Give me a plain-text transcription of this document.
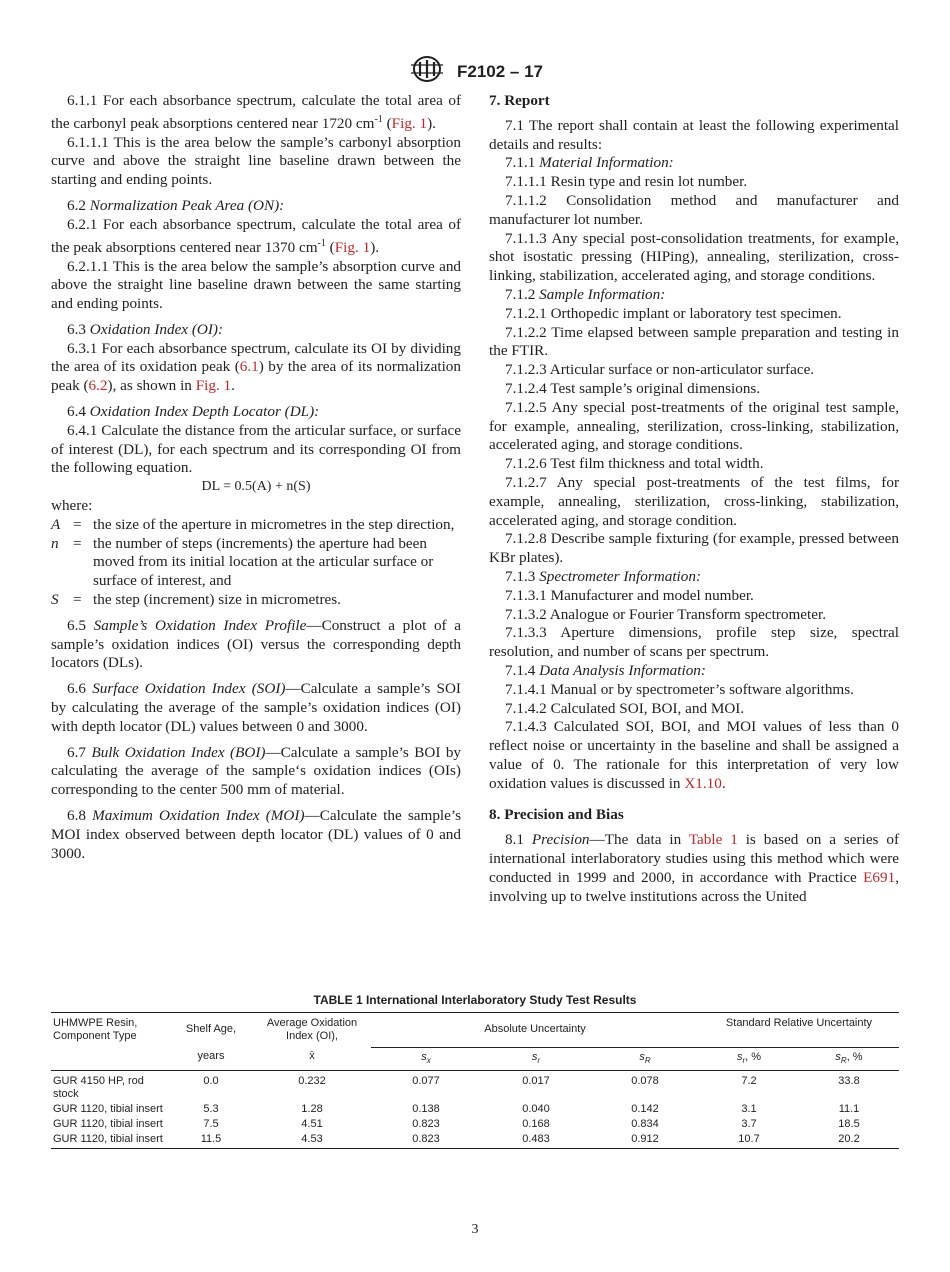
F2102 – 17

6.1.1 For each absorbance spectrum, calculate the total area of the carbonyl peak absorptions centered near 1720 $cm^{-1}$ (Fig. 1).

6.1.1.1 This is the area below the sample’s carbonyl absorption curve and above the straight line baseline drawn between the starting and ending points.

6.2 Normalization Peak Area (ON):

6.2.1 For each absorbance spectrum, calculate the total area of the peak absorptions centered near 1370 $cm^{-1}$ (Fig. 1).

6.2.1.1 This is the area below the sample’s absorption curve and above the straight line baseline drawn between the same starting and ending points.

6.3 Oxidation Index (OI):

6.3.1 For each absorbance spectrum, calculate its OI by dividing the area of its oxidation peak (6.1) by the area of its normalization peak (6.2), as shown in Fig. 1.

6.4 Oxidation Index Depth Locator (DL):

6.4.1 Calculate the distance from the articular surface, or surface of interest (DL), for each spectrum and its corresponding OI from the following equation.

DL = 0.5(A) + n(S)

where:

A = the size of the aperture in micrometres in the step direction,
n = the number of steps (increments) the aperture had been moved from its initial location at the articular surface or surface of interest, and
S = the step (increment) size in micrometres.

6.5 Sample’s Oxidation Index Profile—Construct a plot of a sample’s oxidation indices (OI) versus the corresponding depth locators (DLs).

6.6 Surface Oxidation Index (SOI)—Calculate a sample’s SOI by calculating the average of the sample’s oxidation indices (OI) with depth locator (DL) values between 0 and 3000.

6.7 Bulk Oxidation Index (BOI)—Calculate a sample’s BOI by calculating the average of the sample‘s oxidation indices (OIs) corresponding to the center 500 mm of material.

6.8 Maximum Oxidation Index (MOI)—Calculate the sample’s MOI index observed between depth locator (DL) values of 0 and 3000.

7. Report

7.1 The report shall contain at least the following experimental details and results:

7.1.1 Material Information:

7.1.1.1 Resin type and resin lot number.

7.1.1.2 Consolidation method and manufacturer and manufacturer lot number.

7.1.1.3 Any special post-consolidation treatments, for example, shot isostatic pressing (HIPing), annealing, sterilization, cross-linking, stabilization, accelerated aging, and storage conditions.

7.1.2 Sample Information:

7.1.2.1 Orthopedic implant or laboratory test specimen.

7.1.2.2 Time elapsed between sample preparation and testing in the FTIR.

7.1.2.3 Articular surface or non-articulator surface.

7.1.2.4 Test sample’s original dimensions.

7.1.2.5 Any special post-treatments of the original test sample, for example, annealing, sterilization, cross-linking, stabilization, accelerated aging, and storage conditions.

7.1.2.6 Test film thickness and total width.

7.1.2.7 Any special post-treatments of the test films, for example, annealing, sterilization, cross-linking, stabilization, accelerated aging, and storage condition.

7.1.2.8 Describe sample fixturing (for example, pressed between KBr plates).

7.1.3 Spectrometer Information:

7.1.3.1 Manufacturer and model number.

7.1.3.2 Analogue or Fourier Transform spectrometer.

7.1.3.3 Aperture dimensions, profile step size, spectral resolution, and number of scans per spectrum.

7.1.4 Data Analysis Information:

7.1.4.1 Manual or by spectrometer’s software algorithms.

7.1.4.2 Calculated SOI, BOI, and MOI.

7.1.4.3 Calculated SOI, BOI, and MOI values of less than 0 reflect noise or uncertainty in the baseline and shall be assigned a value of 0. The rationale for this interpretation of very low oxidation values is discussed in X1.10.

8. Precision and Bias

8.1 Precision—The data in Table 1 is based on a series of international interlaboratory studies using this method which were conducted in 1999 and 2000, in accordance with Practice E691, involving up to twelve institutions across the United

TABLE 1 International Interlaboratory Study Test Results
UHMWPE Resin, Component Type	Shelf Age,	Average Oxidation Index (OI),	Absolute Uncertainty			Standard Relative Uncertainty	
	years	x̄	$s_x$	$s_r$	$s_R$	$s_r$, %	$s_R$, %
GUR 4150 HP, rod stock	0.0	0.232	0.077	0.017	0.078	7.2	33.8
GUR 1120, tibial insert	5.3	1.28	0.138	0.040	0.142	3.1	11.1
GUR 1120, tibial insert	7.5	4.51	0.823	0.168	0.834	3.7	18.5
GUR 1120, tibial insert	11.5	4.53	0.823	0.483	0.912	10.7	20.2
3
